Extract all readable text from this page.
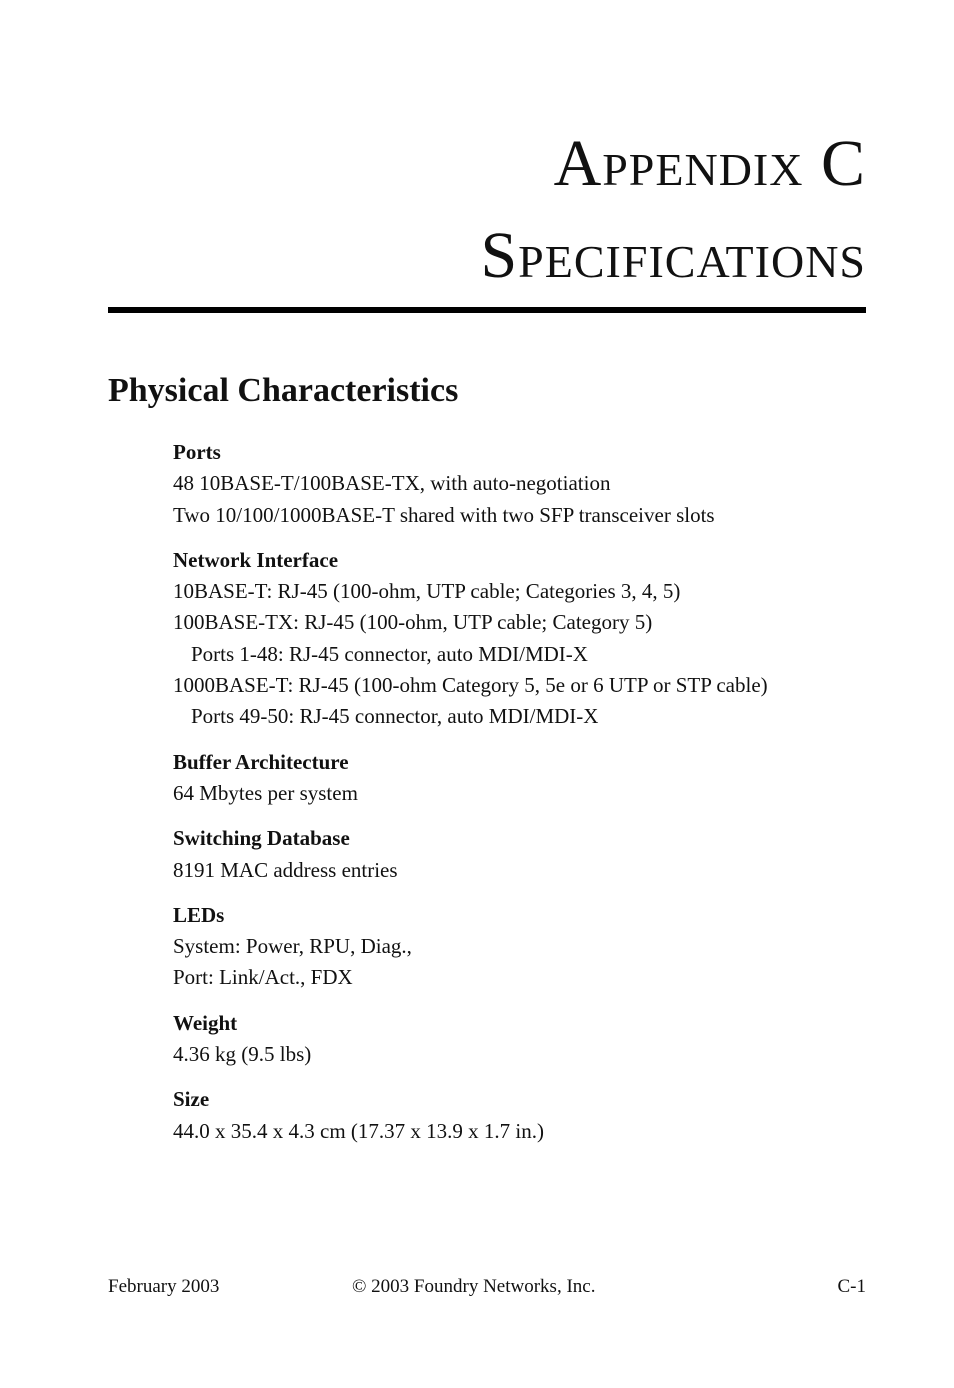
Appendix C
Specifications
Physical Characteristics
Ports
48 10BASE-T/100BASE-TX, with auto-negotiation
Two 10/100/1000BASE-T shared with two SFP transceiver slots
Network Interface
10BASE-T: RJ-45 (100-ohm, UTP cable; Categories 3, 4, 5)
100BASE-TX: RJ-45 (100-ohm, UTP cable; Category 5)
Ports 1-48: RJ-45 connector, auto MDI/MDI-X
1000BASE-T: RJ-45 (100-ohm Category 5, 5e or 6 UTP or STP cable)
Ports 49-50: RJ-45 connector, auto MDI/MDI-X
Buffer Architecture
64 Mbytes per system
Switching Database
8191 MAC address entries
LEDs
System: Power, RPU, Diag.,
Port: Link/Act., FDX
Weight
4.36 kg (9.5 lbs)
Size
44.0 x 35.4 x 4.3 cm (17.37 x 13.9 x 1.7 in.)
February 2003	© 2003 Foundry Networks, Inc.	C-1
